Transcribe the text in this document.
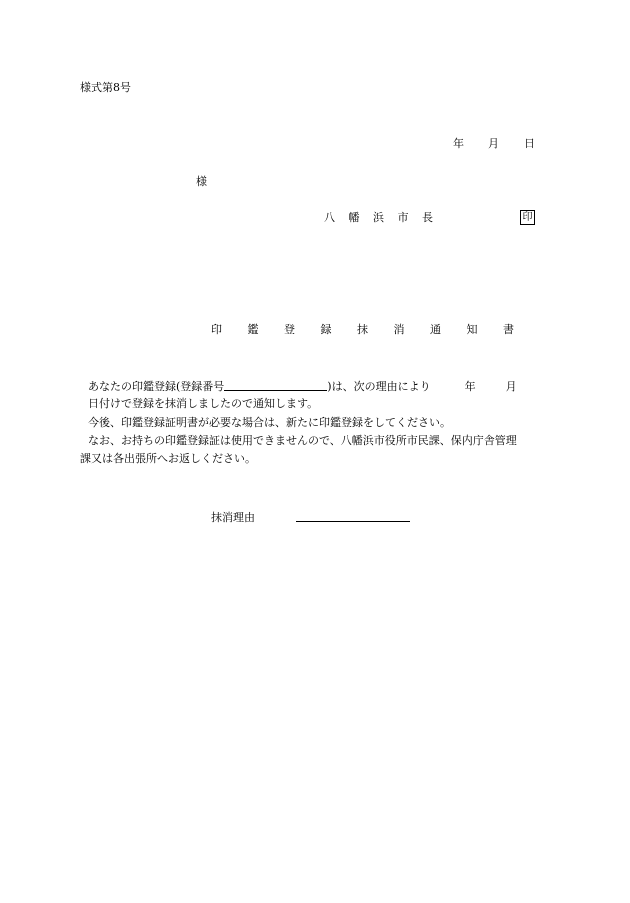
様式第8号
年 月 日
様
八 幡 浜 市 長	印
印 鑑 登 録 抹 消 通 知 書
あなたの印鑑登録(登録番号	)は、次の理由により	年	月
日付けで登録を抹消しましたので通知します。
今後、印鑑登録証明書が必要な場合は、新たに印鑑登録をしてください。
なお、お持ちの印鑑登録証は使用できませんので、八幡浜市役所市民課、保内庁舎管理
課又は各出張所へお返しください。
抹消理由
